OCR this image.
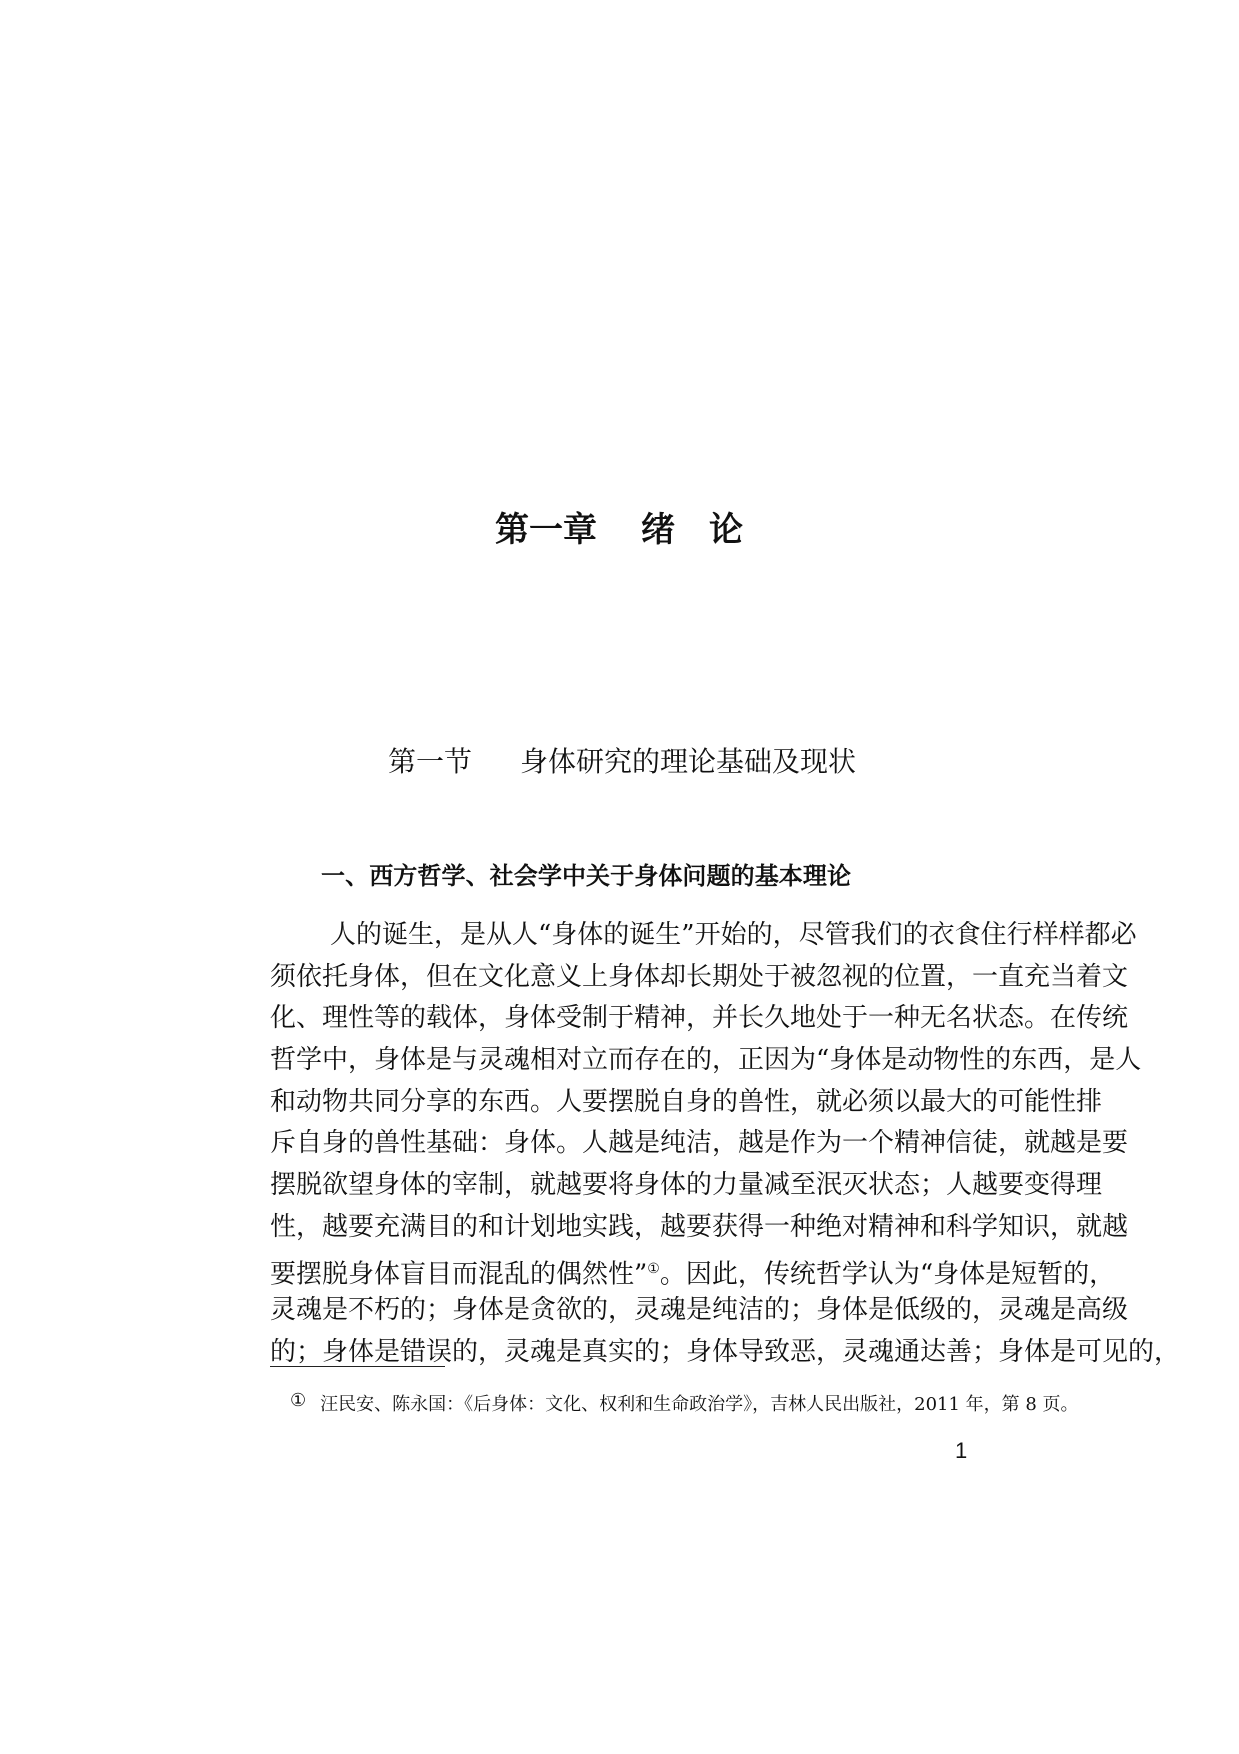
第一章 绪　论
第一节 身体研究的理论基础及现状
一、西方哲学、社会学中关于身体问题的基本理论
人的诞生，是从人“身体的诞生”开始的，尽管我们的衣食住行样样都必
须依托身体，但在文化意义上身体却长期处于被忽视的位置，一直充当着文
化、理性等的载体，身体受制于精神，并长久地处于一种无名状态。在传统
哲学中，身体是与灵魂相对立而存在的，正因为“身体是动物性的东西，是人
和动物共同分享的东西。人要摆脱自身的兽性，就必须以最大的可能性排
斥自身的兽性基础：身体。人越是纯洁，越是作为一个精神信徒，就越是要
摆脱欲望身体的宰制，就越要将身体的力量减至泯灭状态；人越要变得理
性，越要充满目的和计划地实践，越要获得一种绝对精神和科学知识，就越
要摆脱身体盲目而混乱的偶然性”①。因此，传统哲学认为“身体是短暂的，
灵魂是不朽的；身体是贪欲的，灵魂是纯洁的；身体是低级的，灵魂是高级
的；身体是错误的，灵魂是真实的；身体导致恶，灵魂通达善；身体是可见的，
① 汪民安、陈永国：《后身体：文化、权利和生命政治学》，吉林人民出版社，2011 年，第 8 页。
1
